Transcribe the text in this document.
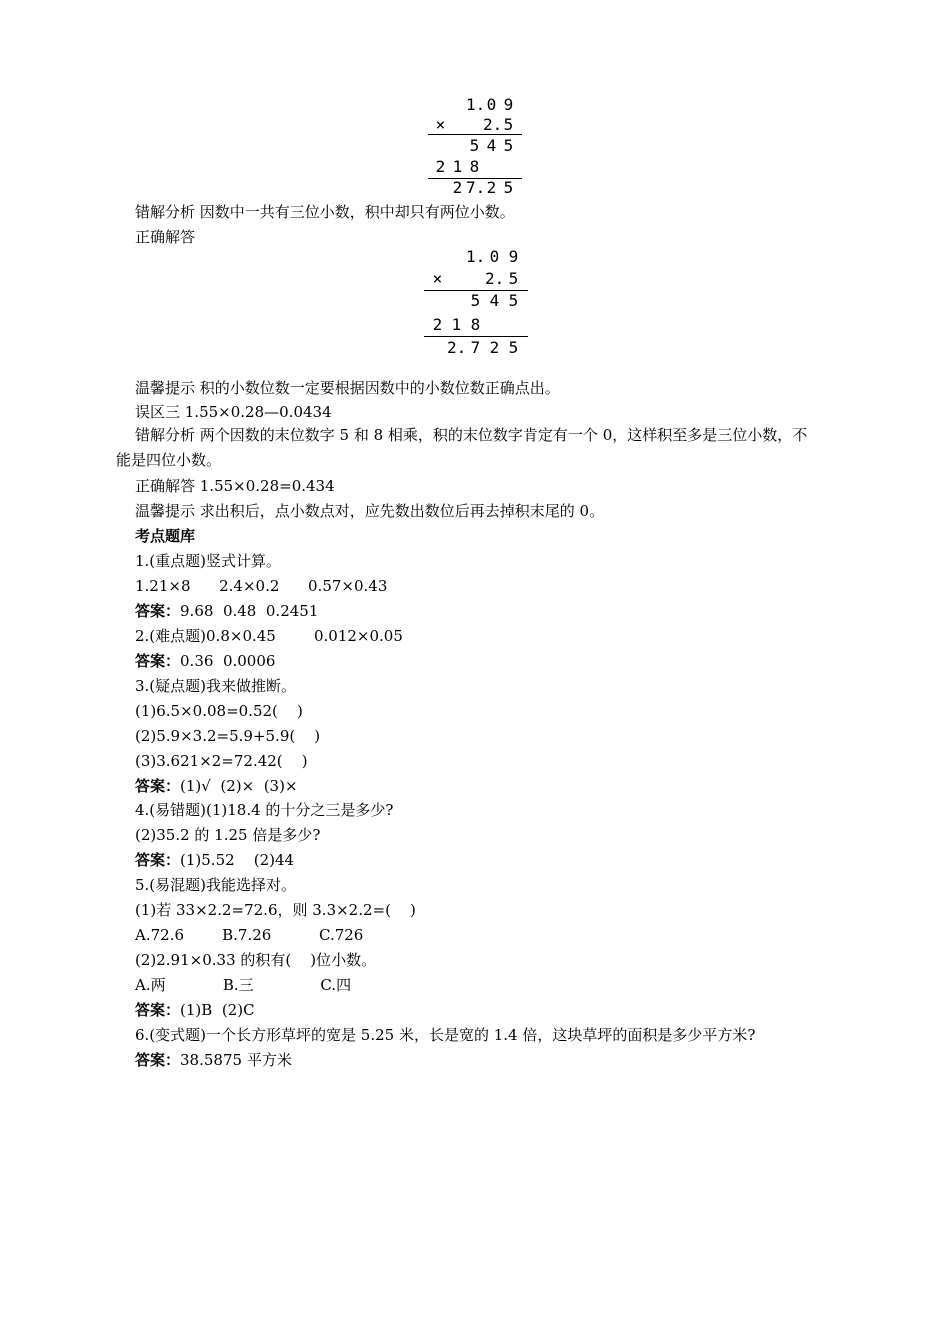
1. 0 9
× 2. 5
5 4 5
2 1 8
2 7. 2 5
错解分析 因数中一共有三位小数，积中却只有两位小数。
正确解答
1. 0 9
×	2. 5
5 4 5
2 1 8
2. 7 2 5
温馨提示 积的小数位数一定要根据因数中的小数位数正确点出。
误区三 1.55×0.28—0.0434
错解分析 两个因数的末位数字 5 和 8 相乘，积的末位数字肯定有一个 0，这样积至多是三位小数，不能是四位小数。
正确解答 1.55×0.28=0.434
温馨提示 求出积后，点小数点对，应先数出数位后再去掉积末尾的 0。
考点题库
1.(重点题)竖式计算。
1.21×8      2.4×0.2      0.57×0.43
答案：9.68  0.48  0.2451
2.(难点题)0.8×0.45        0.012×0.05
答案：0.36  0.0006
3.(疑点题)我来做推断。
(1)6.5×0.08=0.52(    )
(2)5.9×3.2=5.9+5.9(    )
(3)3.621×2=72.42(    )
答案：(1)√  (2)×  (3)×
4.(易错题)(1)18.4 的十分之三是多少?
(2)35.2 的 1.25 倍是多少?
答案：(1)5.52    (2)44
5.(易混题)我能选择对。
(1)若 33×2.2=72.6，则 3.3×2.2=(    )
A.72.6        B.7.26          C.726
(2)2.91×0.33 的积有(    )位小数。
A.两            B.三              C.四
答案：(1)B  (2)C
6.(变式题)一个长方形草坪的宽是 5.25 米，长是宽的 1.4 倍，这块草坪的面积是多少平方米?
答案：38.5875 平方米
